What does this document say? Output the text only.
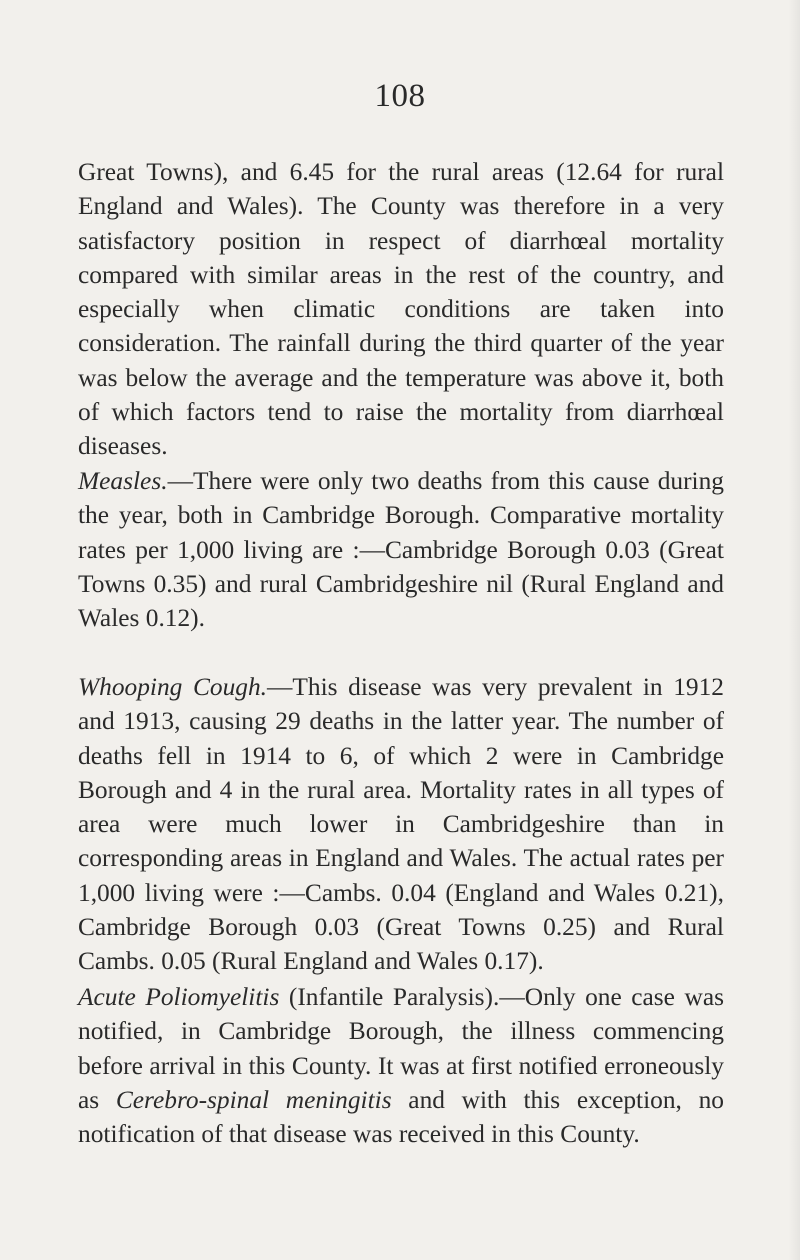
108

Great Towns), and 6.45 for the rural areas (12.64 for rural England and Wales). The County was therefore in a very satisfactory position in respect of diarrhœal mortality compared with similar areas in the rest of the country, and especially when climatic conditions are taken into consideration. The rainfall during the third quarter of the year was below the average and the temperature was above it, both of which factors tend to raise the mortality from diarrhœal diseases.

Measles.—There were only two deaths from this cause during the year, both in Cambridge Borough. Comparative mortality rates per 1,000 living are :—Cambridge Borough 0.03 (Great Towns 0.35) and rural Cambridgeshire nil (Rural England and Wales 0.12).

Whooping Cough.—This disease was very prevalent in 1912 and 1913, causing 29 deaths in the latter year. The number of deaths fell in 1914 to 6, of which 2 were in Cambridge Borough and 4 in the rural area. Mortality rates in all types of area were much lower in Cambridgeshire than in corresponding areas in England and Wales. The actual rates per 1,000 living were :—Cambs. 0.04 (England and Wales 0.21), Cambridge Borough 0.03 (Great Towns 0.25) and Rural Cambs. 0.05 (Rural England and Wales 0.17).

Acute Poliomyelitis (Infantile Paralysis).—Only one case was notified, in Cambridge Borough, the illness commencing before arrival in this County. It was at first notified erroneously as Cerebro-spinal meningitis and with this exception, no notification of that disease was received in this County.
